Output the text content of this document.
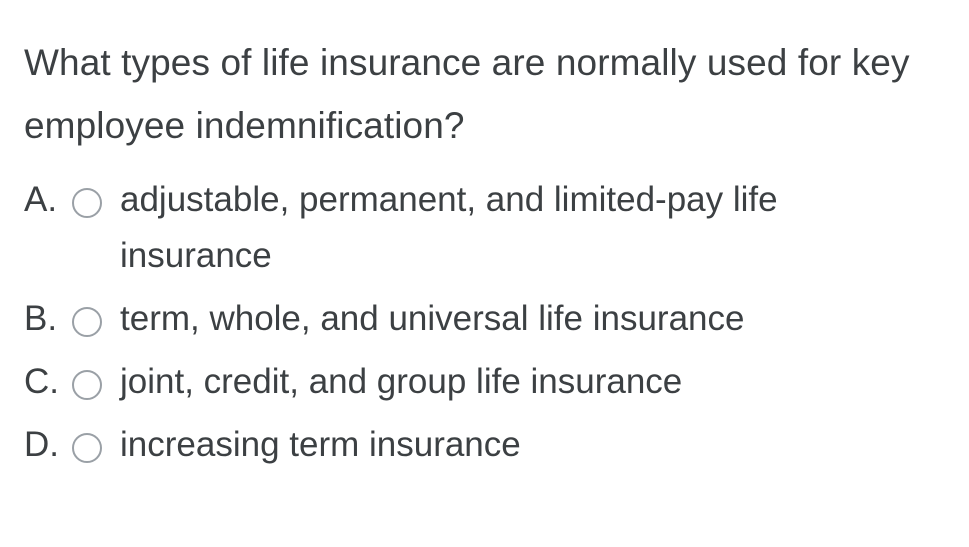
What types of life insurance are normally used for key employee indemnification?

A.	adjustable, permanent, and limited-pay life insurance
B.	term, whole, and universal life insurance
C.	joint, credit, and group life insurance
D.	increasing term insurance
